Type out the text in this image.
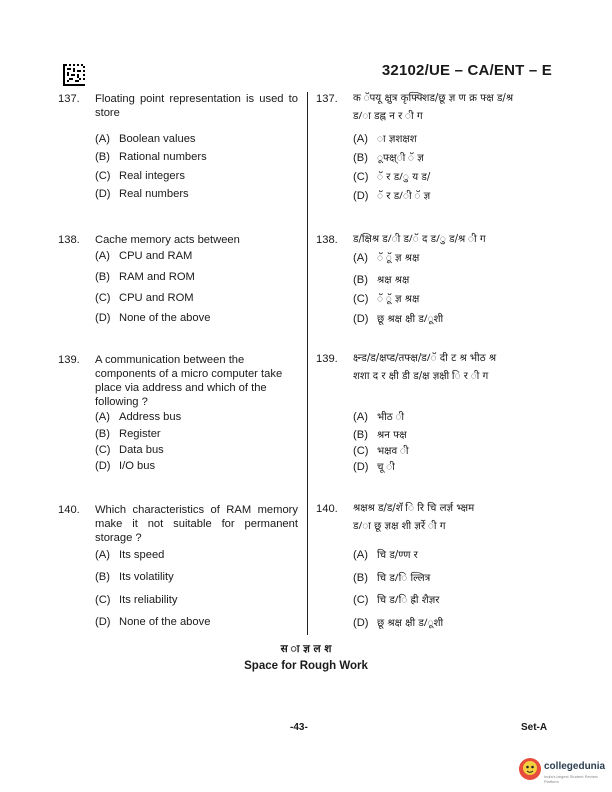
32102/UE – CA/ENT – E
137. Floating point representation is used to store
(A) Boolean values
(B) Rational numbers
(C) Real integers
(D) Real numbers
138. Cache memory acts between
(A) CPU and RAM
(B) RAM and ROM
(C) CPU and ROM
(D) None of the above
139. A communication between the components of a micro computer take place via address and which of the following ?
(A) Address bus
(B) Register
(C) Data bus
(D) I/O bus
140. Which characteristics of RAM memory make it not suitable for permanent storage ?
(A) Its speed
(B) Its volatility
(C) Its reliability
(D) None of the above
137. क ॅपयू क्षुत्र कृफ्फ्शिड/छू ज्ञ ण क्र फ्क्ष ड/श्र
ड/ा डह्न न र ी ग
(A) ा ज्ञशक्षश
(B) ूफ्क्ष्ी ॅ ज्ञ
(C) ॅ र ड/ु य ड/
(D) ॅ र ड/ी ॅ ज्ञ
138. ड/क्षिश्र ड/ी ड/ॅ द ड/ु ड/श्र ी ग
(A) ॅ ूॅ ज्ञ श्रक्ष
(B) श्रक्ष श्रक्ष
(C) ॅ ूॅ ज्ञ श्रक्ष
(D) छू श्रक्ष क्षी ड/ूशी
139. क्ष्न्ड/ड/क्षप्ड/तफ्क्ष/ड/ॅ दी ट श्र भीठ श्र
शशा द र क्षी डी ड/क्ष ज्ञक्षी ि र ी ग
(A) भीठ ी
(B) श्रन फ्क्ष
(C) भक्षव ी
(D) चू ी
140. श्रक्षश्र ड/ड/शॅ ि रि चि लर्ज्ञ भ्क्षम
ड/ा छू ज्ञक्ष शी ज्ञर्रे ी ग
(A) चि ड/ण्ण र
(B) चि ड/ि ल्लित्र
(C) चि ड/ि ह्री शैज्ञर
(D) छू श्रक्ष क्षी ड/ूशी
स ा ज्ञ ल श
Space for Rough Work
-43-	Set-A
collegedunia
India's largest Student Review Platform
